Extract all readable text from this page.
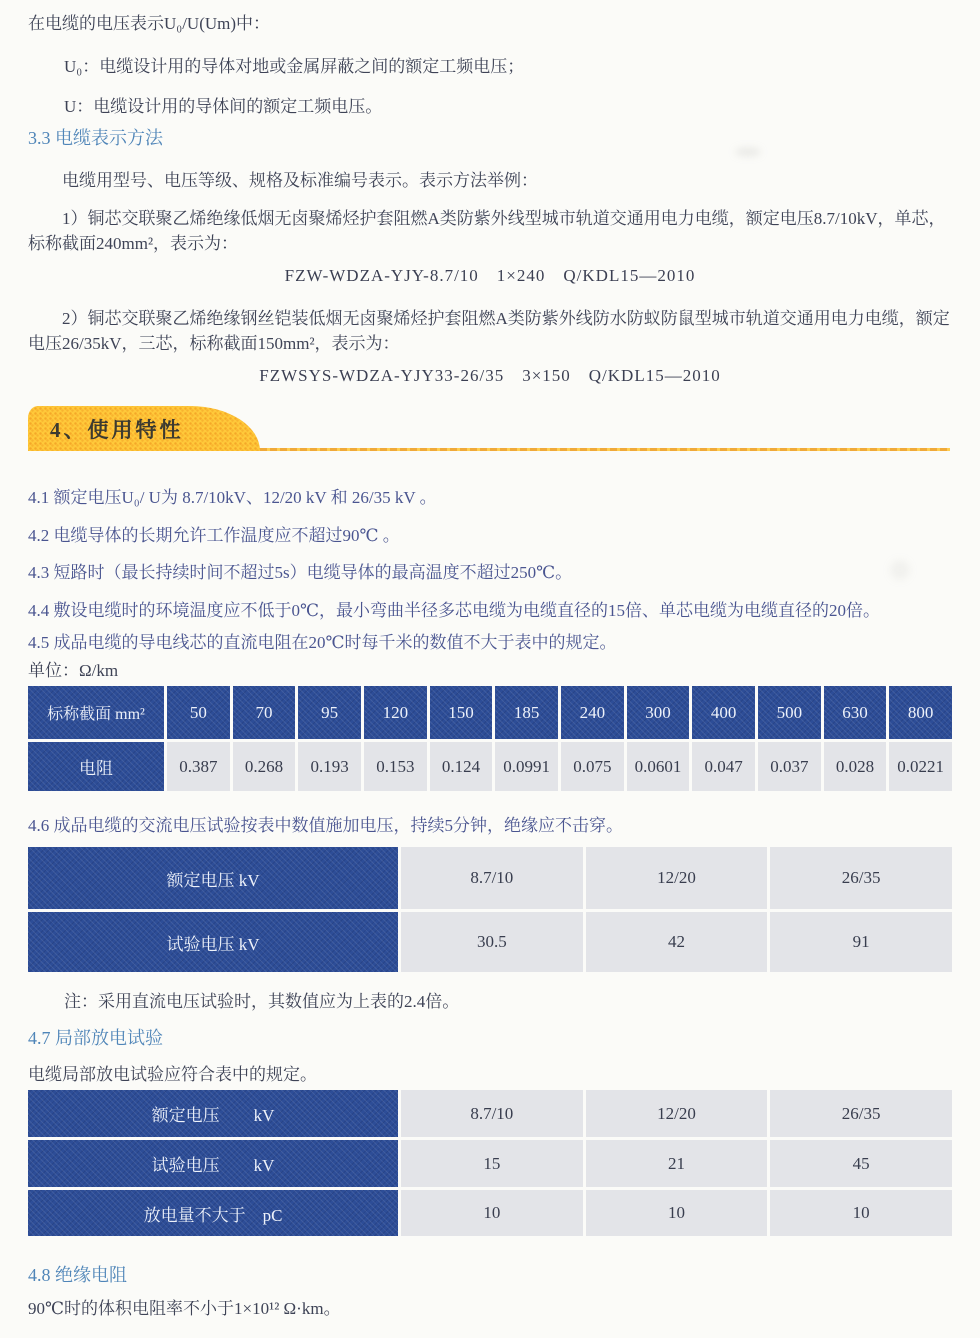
在电缆的电压表示U₀/U(Um)中：

U₀：电缆设计用的导体对地或金属屏蔽之间的额定工频电压；

U：电缆设计用的导体间的额定工频电压。

3.3 电缆表示方法

电缆用型号、电压等级、规格及标准编号表示。表示方法举例：

1）铜芯交联聚乙烯绝缘低烟无卤聚烯烃护套阻燃A类防紫外线型城市轨道交通用电力电缆，额定电压8.7/10kV，单芯，标称截面240mm²，表示为：

FZW-WDZA-YJY-8.7/10　1×240　Q/KDL15—2010

2）铜芯交联聚乙烯绝缘钢丝铠装低烟无卤聚烯烃护套阻燃A类防紫外线防水防蚁防鼠型城市轨道交通用电力电缆，额定电压26/35kV，三芯，标称截面150mm²，表示为：

FZWSYS-WDZA-YJY33-26/35　3×150　Q/KDL15—2010

4、使用特性

4.1 额定电压U₀/ U为 8.7/10kV、12/20 kV 和 26/35 kV 。

4.2 电缆导体的长期允许工作温度应不超过90℃ 。

4.3 短路时（最长持续时间不超过5s）电缆导体的最高温度不超过250℃。

4.4 敷设电缆时的环境温度应不低于0℃，最小弯曲半径多芯电缆为电缆直径的15倍、单芯电缆为电缆直径的20倍。

4.5 成品电缆的导电线芯的直流电阻在20℃时每千米的数值不大于表中的规定。

单位：Ω/km

标称截面 mm²	50	70	95	120	150	185	240	300	400	500	630	800
电阻	0.387	0.268	0.193	0.153	0.124	0.0991	0.075	0.0601	0.047	0.037	0.028	0.0221

4.6 成品电缆的交流电压试验按表中数值施加电压，持续5分钟，绝缘应不击穿。

额定电压 kV	8.7/10	12/20	26/35
试验电压 kV	30.5	42	91

注：采用直流电压试验时，其数值应为上表的2.4倍。

4.7 局部放电试验

电缆局部放电试验应符合表中的规定。

额定电压　　kV	8.7/10	12/20	26/35
试验电压　　kV	15	21	45
放电量不大于　pC	10	10	10

4.8 绝缘电阻

90℃时的体积电阻率不小于1×10¹² Ω·km。
